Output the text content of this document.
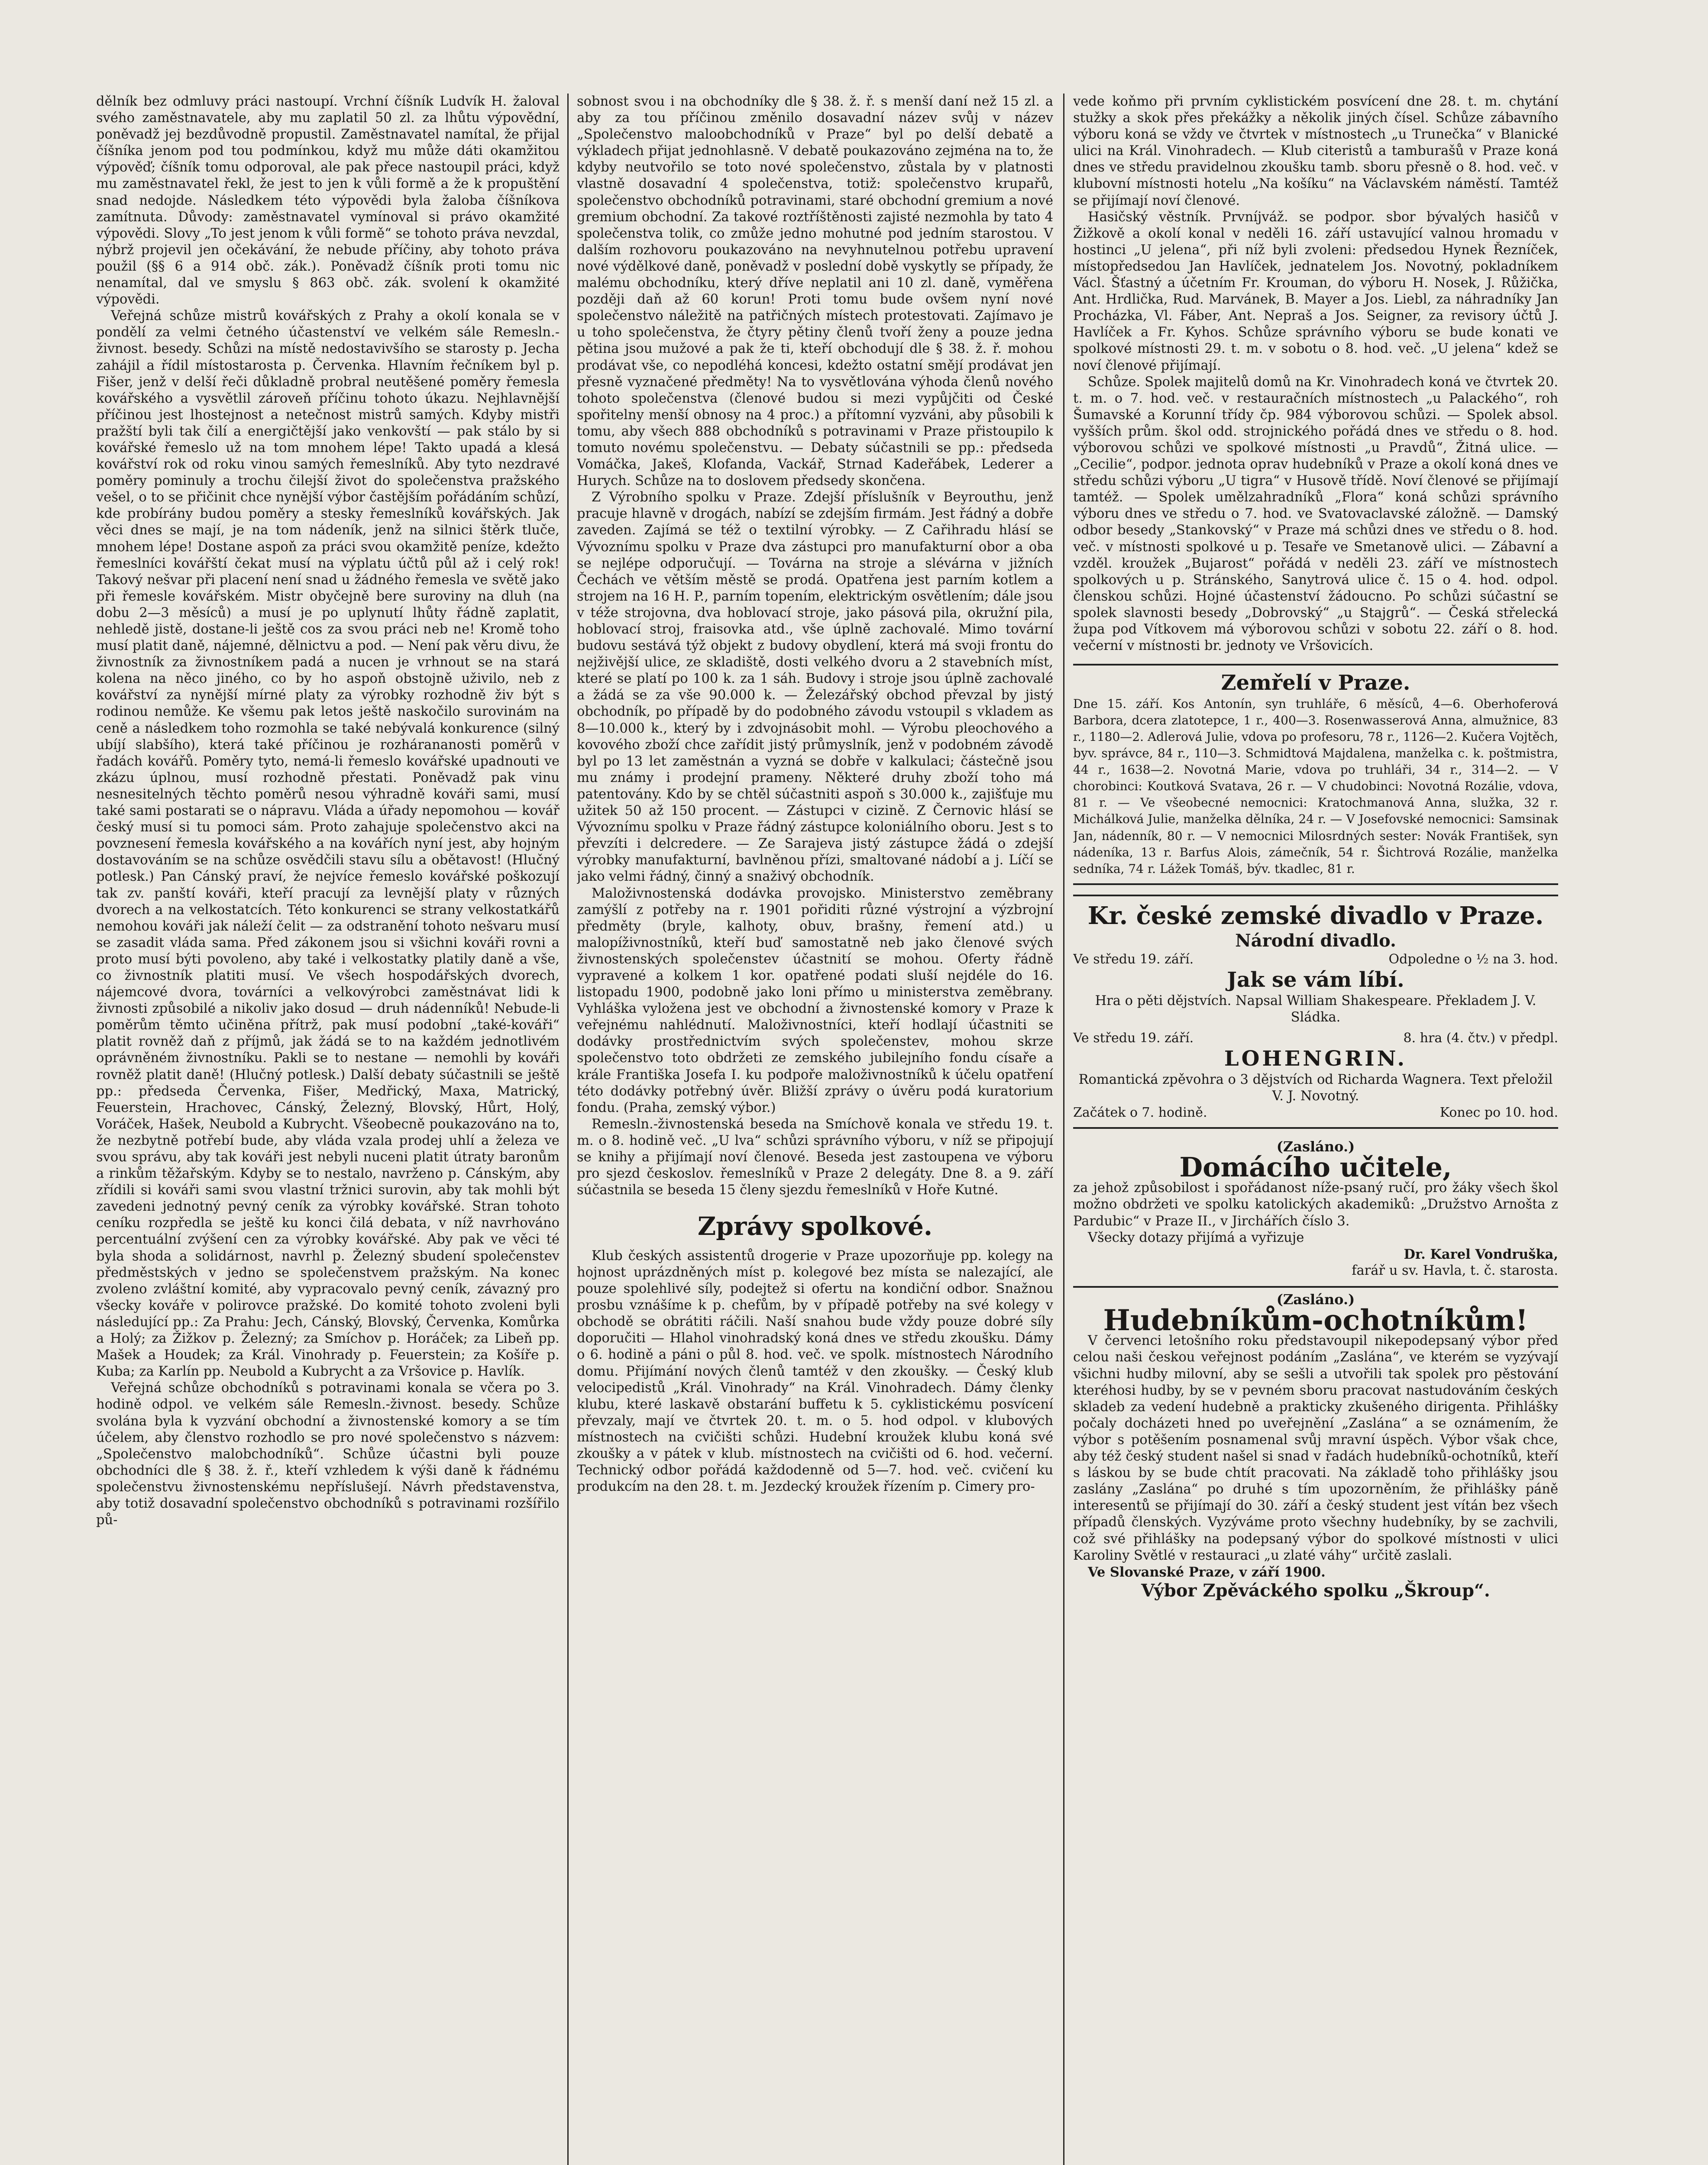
dělník bez odmluvy práci nastoupí. Vrchní číšník Ludvík H. žaloval svého zaměstnavatele, aby mu zaplatil 50 zl. za lhůtu výpovědní, poněvadž jej bezdůvodně propustil. Zaměstnavatel namítal, že přijal číšníka jenom pod tou podmínkou, když mu může dáti okamžitou výpověď; číšník tomu odporoval, ale pak přece nastoupil práci, když mu zaměstnavatel řekl, že jest to jen k vůli formě a že k propuštění snad nedojde. Následkem této výpovědi byla žaloba číšníkova zamítnuta. Důvody: zaměstnavatel vymínoval si právo okamžité výpovědi. Slovy „To jest jenom k vůli formě“ se tohoto práva nevzdal, nýbrž projevil jen očekávání, že nebude příčiny, aby tohoto práva použil (§§ 6 a 914 obč. zák.). Poněvadž číšník proti tomu nic nenamítal, dal ve smyslu § 863 obč. zák. svolení k okamžité výpovědi.

Veřejná schůze mistrů kovářských z Prahy a okolí konala se v pondělí za velmi četného účastenství ve velkém sále Remesln.-živnost. besedy. Schůzi na místě nedostavivšího se starosty p. Jecha zahájil a řídil místostarosta p. Červenka. Hlavním řečníkem byl p. Fišer, jenž v delší řeči důkladně probral neutěšené poměry řemesla kovářského a vysvětlil zároveň příčinu tohoto úkazu. Nejhlavnější příčinou jest lhostejnost a netečnost mistrů samých. Kdyby mistři pražští byli tak čilí a energičtější jako venkovští — pak stálo by si kovářské řemeslo už na tom mnohem lépe! Takto upadá a klesá kovářství rok od roku vinou samých řemeslníků. Aby tyto nezdravé poměry pominuly a trochu čilejší život do společenstva pražského vešel, o to se přičinit chce nynější výbor častějším pořádáním schůzí, kde probírány budou poměry a stesky řemeslníků kovářských. Jak věci dnes se mají, je na tom nádeník, jenž na silnici štěrk tluče, mnohem lépe! Dostane aspoň za práci svou okamžitě peníze, kdežto řemeslníci kovářští čekat musí na výplatu účtů půl až i celý rok! Takový nešvar při placení není snad u žádného řemesla ve světě jako při řemesle kovářském. Mistr obyčejně bere suroviny na dluh (na dobu 2—3 měsíců) a musí je po uplynutí lhůty řádně zaplatit, nehledě jistě, dostane-li ještě cos za svou práci neb ne! Kromě toho musí platit daně, nájemné, dělnictvu a pod. — Není pak věru divu, že živnostník za živnostníkem padá a nucen je vrhnout se na stará kolena na něco jiného, co by ho aspoň obstojně uživilo, neb z kovářství za nynější mírné platy za výrobky rozhodně živ být s rodinou nemůže. Ke všemu pak letos ještě naskočilo surovinám na ceně a následkem toho rozmohla se také nebývalá konkurence (silný ubíjí slabšího), která také příčinou je rozhárananosti poměrů v řadách kovářů. Poměry tyto, nemá-li řemeslo kovářské upadnouti ve zkázu úplnou, musí rozhodně přestati. Poněvadž pak vinu nesnesitelných těchto poměrů nesou výhradně kováři sami, musí také sami postarati se o nápravu. Vláda a úřady nepomohou — kovář český musí si tu pomoci sám. Proto zahajuje společenstvo akci na povznesení řemesla kovářského a na kovářích nyní jest, aby hojným dostavováním se na schůze osvědčili stavu sílu a obětavost! (Hlučný potlesk.) Pan Cánský praví, že nejvíce řemeslo kovářské poškozují tak zv. panští kováři, kteří pracují za levnější platy v různých dvorech a na velkostatcích. Této konkurenci se strany velkostatkářů nemohou kováři jak náleží čelit — za odstranění tohoto nešvaru musí se zasadit vláda sama. Před zákonem jsou si všichni kováři rovni a proto musí býti povoleno, aby také i velkostatky platily daně a vše, co živnostník platiti musí. Ve všech hospodářských dvorech, nájemcové dvora, továrníci a velkovýrobci zaměstnávat lidi k živnosti způsobilé a nikoliv jako dosud — druh nádenníků! Nebude-li poměrům těmto učiněna přítrž, pak musí podobní „také-kováři“ platit rovněž daň z příjmů, jak žádá se to na každém jednotlivém oprávněném živnostníku. Pakli se to nestane — nemohli by kováři rovněž platit daně! (Hlučný potlesk.) Další debaty súčastnili se ještě pp.: předseda Červenka, Fišer, Medřický, Maxa, Matrický, Feuerstein, Hrachovec, Cánský, Železný, Blovský, Hůrt, Holý, Voráček, Hašek, Neubold a Kubrycht. Všeobecně poukazováno na to, že nezbytně potřebí bude, aby vláda vzala prodej uhlí a železa ve svou správu, aby tak kováři jest nebyli nuceni platit útraty baronům a rinkům těžařským. Kdyby se to nestalo, navrženo p. Cánským, aby zřídili si kováři sami svou vlastní tržnici surovin, aby tak mohli být zavedeni jednotný pevný ceník za výrobky kovářské. Stran tohoto ceníku rozpředla se ještě ku konci čilá debata, v níž navrhováno percentuální zvýšení cen za výrobky kovářské. Aby pak ve věci té byla shoda a solidárnost, navrhl p. Železný sbudení společenstev předměstských v jedno se společenstvem pražským. Na konec zvoleno zvláštní komité, aby vypracovalo pevný ceník, závazný pro všecky kováře v polirovce pražské. Do komité tohoto zvoleni byli následující pp.: Za Prahu: Jech, Cánský, Blovský, Červenka, Komůrka a Holý; za Žižkov p. Železný; za Smíchov p. Horáček; za Libeň pp. Mašek a Houdek; za Král. Vinohrady p. Feuerstein; za Košíře p. Kuba; za Karlín pp. Neubold a Kubrycht a za Vršovice p. Havlík.

Veřejná schůze obchodníků s potravinami konala se včera po 3. hodině odpol. ve velkém sále Remesln.-živnost. besedy. Schůze svolána byla k vyzvání obchodní a živnostenské komory a se tím účelem, aby členstvo rozhodlo se pro nové společenstvo s názvem: „Společenstvo malobchodníků“. Schůze účastni byli pouze obchodníci dle § 38. ž. ř., kteří vzhledem k výši daně k řádnému společenstvu živnostenskému nepříslušejí. Návrh představenstva, aby totiž dosavadní společenstvo obchodníků s potravinami rozšířilo pů-

sobnost svou i na obchodníky dle § 38. ž. ř. s menší daní než 15 zl. a aby za tou příčinou změnilo dosavadní název svůj v název „Společenstvo maloobchodníků v Praze“ byl po delší debatě a výkladech přijat jednohlasně. V debatě poukazováno zejména na to, že kdyby neutvořilo se toto nové společenstvo, zůstala by v platnosti vlastně dosavadní 4 společenstva, totiž: společenstvo krupařů, společenstvo obchodníků potravinami, staré obchodní gremium a nové gremium obchodní. Za takové roztříštěnosti zajisté nezmohla by tato 4 společenstva tolik, co zmůže jedno mohutné pod jedním starostou. V dalším rozhovoru poukazováno na nevyhnutelnou potřebu upravení nové výdělkové daně, poněvadž v poslední době vyskytly se případy, že malému obchodníku, který dříve neplatil ani 10 zl. daně, vyměřena později daň až 60 korun! Proti tomu bude ovšem nyní nové společenstvo náležitě na patřičných místech protestovati. Zajímavo je u toho společenstva, že čtyry pětiny členů tvoří ženy a pouze jedna pětina jsou mužové a pak že ti, kteří obchodují dle § 38. ž. ř. mohou prodávat vše, co nepodléhá koncesi, kdežto ostatní smějí prodávat jen přesně vyznačené předměty! Na to vysvětlována výhoda členů nového tohoto společenstva (členové budou si mezi vypůjčiti od České spořitelny menší obnosy na 4 proc.) a přítomní vyzváni, aby působili k tomu, aby všech 888 obchodníků s potravinami v Praze přistoupilo k tomuto novému společenstvu. — Debaty súčastnili se pp.: předseda Vomáčka, Jakeš, Klofanda, Vackář, Strnad Kadeřábek, Lederer a Hurych. Schůze na to doslovem předsedy skončena.

Z Výrobního spolku v Praze. Zdejší příslušník v Beyrouthu, jenž pracuje hlavně v drogách, nabízí se zdejším firmám. Jest řádný a dobře zaveden. Zajímá se též o textilní výrobky. — Z Cařihradu hlásí se Vývoznímu spolku v Praze dva zástupci pro manufakturní obor a oba se nejlépe odporučují. — Továrna na stroje a slévárna v jižních Čechách ve větším městě se prodá. Opatřena jest parním kotlem a strojem na 16 H. P., parním topením, elektrickým osvětlením; dále jsou v téže strojovna, dva hoblovací stroje, jako pásová pila, okružní pila, hoblovací stroj, fraisovka atd., vše úplně zachovalé. Mimo tovární budovu sestává týž objekt z budovy obydlení, která má svoji frontu do nejživější ulice, ze skladiště, dosti velkého dvoru a 2 stavebních míst, které se platí po 100 k. za 1 sáh. Budovy i stroje jsou úplně zachovalé a žádá se za vše 90.000 k. — Železářský obchod převzal by jistý obchodník, po případě by do podobného závodu vstoupil s vkladem as 8—10.000 k., který by i zdvojnásobit mohl. — Výrobu pleochového a kovového zboží chce zařídit jistý průmyslník, jenž v podobném závodě byl po 13 let zaměstnán a vyzná se dobře v kalkulaci; částečně jsou mu známy i prodejní prameny. Některé druhy zboží toho má patentovány. Kdo by se chtěl súčastniti aspoň s 30.000 k., zajišťuje mu užitek 50 až 150 procent. — Zástupci v cizině. Z Černovic hlásí se Vývoznímu spolku v Praze řádný zástupce koloniálního oboru. Jest s to převzíti i delcredere. — Ze Sarajeva jistý zástupce žádá o zdejší výrobky manufakturní, bavlněnou přízi, smaltované nádobí a j. Líčí se jako velmi řádný, činný a snaživý obchodník.

Maloživnostenská dodávka provojsko. Ministerstvo zeměbrany zamýšlí z potřeby na r. 1901 pořiditi různé výstrojní a výzbrojní předměty (bryle, kalhoty, obuv, brašny, řemení atd.) u malopíživnostníků, kteří buď samostatně neb jako členové svých živnostenských společenstev účastnití se mohou. Oferty řádně vypravené a kolkem 1 kor. opatřené podati sluší nejdéle do 16. listopadu 1900, podobně jako loni přímo u ministerstva zeměbrany. Vyhláška vyložena jest ve obchodní a živnostenské komory v Praze k veřejnému nahlédnutí. Maloživnostníci, kteří hodlají účastniti se dodávky prostřednictvím svých společenstev, mohou skrze společenstvo toto obdržeti ze zemského jubilejního fondu císaře a krále Františka Josefa I. ku podpoře maloživnostníků k účelu opatření této dodávky potřebný úvěr. Bližší zprávy o úvěru podá kuratorium fondu. (Praha, zemský výbor.)

Remesln.-živnostenská beseda na Smíchově konala ve středu 19. t. m. o 8. hodině več. „U lva“ schůzi správního výboru, v níž se připojují se knihy a přijímají noví členové. Beseda jest zastoupena ve výboru pro sjezd českoslov. řemeslníků v Praze 2 delegáty. Dne 8. a 9. září súčastnila se beseda 15 členy sjezdu řemeslníků v Hoře Kutné.

Zprávy spolkové.

Klub českých assistentů drogerie v Praze upozorňuje pp. kolegy na hojnost uprázdněných míst p. kolegové bez místa se nalezající, ale pouze spolehlivé síly, podejtež si ofertu na kondiční odbor. Snažnou prosbu vznášíme k p. chefům, by v případě potřeby na své kolegy v obchodě se obrátiti ráčili. Naší snahou bude vždy pouze dobré síly doporučiti — Hlahol vinohradský koná dnes ve středu zkoušku. Dámy o 6. hodině a páni o půl 8. hod. več. ve spolk. místnostech Národního domu. Přijímání nových členů tamtéž v den zkoušky. — Český klub velocipedistů „Král. Vinohrady“ na Král. Vinohradech. Dámy členky klubu, které laskavě obstarání buffetu k 5. cyklistickému posvícení převzaly, mají ve čtvrtek 20. t. m. o 5. hod odpol. v klubových místnostech na cvičišti schůzi. Hudební kroužek klubu koná své zkoušky a v pátek v klub. místnostech na cvičišti od 6. hod. večerní. Technický odbor pořádá každodenně od 5—7. hod. več. cvičení ku produkcím na den 28. t. m. Jezdecký kroužek řízením p. Cimery pro-

vede koňmo při prvním cyklistickém posvícení dne 28. t. m. chytání stužky a skok přes překážky a několik jiných čísel. Schůze zábavního výboru koná se vždy ve čtvrtek v místnostech „u Trunečka“ v Blanické ulici na Král. Vinohradech. — Klub citeristů a tamburašů v Praze koná dnes ve středu pravidelnou zkoušku tamb. sboru přesně o 8. hod. več. v klubovní místnosti hotelu „Na košíku“ na Václavském náměstí. Tamtéž se přijímají noví členové.

Hasičský věstník. Prvníjváž. se podpor. sbor bývalých hasičů v Žižkově a okolí konal v neděli 16. září ustavující valnou hromadu v hostinci „U jelena“, při níž byli zvoleni: předsedou Hynek Řezníček, místopředsedou Jan Havlíček, jednatelem Jos. Novotný, pokladníkem Václ. Šťastný a účetním Fr. Krouman, do výboru H. Nosek, J. Růžička, Ant. Hrdlička, Rud. Marvánek, B. Mayer a Jos. Liebl, za náhradníky Jan Procházka, Vl. Fáber, Ant. Nepraš a Jos. Seigner, za revisory účtů J. Havlíček a Fr. Kyhos. Schůze správního výboru se bude konati ve spolkové místnosti 29. t. m. v sobotu o 8. hod. več. „U jelena“ kdež se noví členové přijímají.

Schůze. Spolek majitelů domů na Kr. Vinohradech koná ve čtvrtek 20. t. m. o 7. hod. več. v restauračních místnostech „u Palackého“, roh Šumavské a Korunní třídy čp. 984 výborovou schůzi. — Spolek absol. vyšších prům. škol odd. strojnického pořádá dnes ve středu o 8. hod. výborovou schůzi ve spolkové místnosti „u Pravdů“, Žitná ulice. — „Cecilie“, podpor. jednota oprav hudebníků v Praze a okolí koná dnes ve středu schůzi výboru „U tigra“ v Husově třídě. Noví členové se přijímají tamtéž. — Spolek umělzahradníků „Flora“ koná schůzi správního výboru dnes ve středu o 7. hod. ve Svatovaclavské záložně. — Damský odbor besedy „Stankovský“ v Praze má schůzi dnes ve středu o 8. hod. več. v místnosti spolkové u p. Tesaře ve Smetanově ulici. — Zábavní a vzděl. kroužek „Bujarost“ pořádá v neděli 23. září ve místnostech spolkových u p. Stránského, Sanytrová ulice č. 15 o 4. hod. odpol. členskou schůzi. Hojné účastenství žádoucno. Po schůzi súčastní se spolek slavnosti besedy „Dobrovský“ „u Stajgrů“. — Česká střelecká župa pod Vítkovem má výborovou schůzi v sobotu 22. září o 8. hod. večerní v místnosti br. jednoty ve Vršovicích.

Zemřelí v Praze.

Dne 15. září. Kos Antonín, syn truhláře, 6 měsíců, 4—6. Oberhoferová Barbora, dcera zlatotepce, 1 r., 400—3. Rosenwasserová Anna, almužnice, 83 r., 1180—2. Adlerová Julie, vdova po profesoru, 78 r., 1126—2. Kučera Vojtěch, byv. správce, 84 r., 110—3. Schmidtová Majdalena, manželka c. k. poštmistra, 44 r., 1638—2. Novotná Marie, vdova po truhláři, 34 r., 314—2. — V chorobinci: Koutková Svatava, 26 r. — V chudobinci: Novotná Rozálie, vdova, 81 r. — Ve všeobecné nemocnici: Kratochmanová Anna, služka, 32 r. Michálková Julie, manželka dělníka, 24 r. — V Josefovské nemocnici: Samsinak Jan, nádenník, 80 r. — V nemocnici Milosrdných sester: Novák František, syn nádeníka, 13 r. Barfus Alois, zámečník, 54 r. Šichtrová Rozálie, manželka sedníka, 74 r. Lážek Tomáš, býv. tkadlec, 81 r.

Kr. české zemské divadlo v Praze.
Národní divadlo.
Ve středu 19. září.	Odpoledne o ½ na 3. hod.
Jak se vám líbí.

Hra o pěti dějstvích. Napsal William Shakespeare. Překladem J. V. Sládka.

Ve středu 19. září.	8. hra (4. čtv.) v předpl.
LOHENGRIN.

Romantická zpěvohra o 3 dějstvích od Richarda Wagnera. Text přeložil V. J. Novotný.

Začátek o 7. hodině.	Konec po 10. hod.
(Zasláno.)
Domácího učitele,

za jehož způsobilost i spořádanost níže-psaný ručí, pro žáky všech škol možno obdržeti ve spolku katolických akademiků: „Družstvo Arnošta z Pardubic“ v Praze II., v Jirchářích číslo 3.

Všecky dotazy přijímá a vyřizuje

Dr. Karel Vondruška,

farář u sv. Havla, t. č. starosta.

(Zasláno.)
Hudebníkům-ochotníkům!

V červenci letošního roku představoupil nikepodepsaný výbor před celou naši českou veřejnost podáním „Zaslána“, ve kterém se vyzývají všichni hudby milovní, aby se sešli a utvořili tak spolek pro pěstování kteréhosi hudby, by se v pevném sboru pracovat nastudováním českých skladeb za vedení hudebně a prakticky zkušeného dirigenta. Přihlášky počaly docházeti hned po uveřejnění „Zaslána“ a se oznámením, že výbor s potěšením posnamenal svůj mravní úspěch. Výbor však chce, aby též český student našel si snad v řadách hudebníků-ochotníků, kteří s láskou by se bude chtít pracovati. Na základě toho přihlášky jsou zaslány „Zaslána“ po druhé s tím upozorněním, že přihlášky páně interesentů se přijímají do 30. září a český student jest vítán bez všech případů členských. Vyzýváme proto všechny hudebníky, by se zachvili, což své přihlášky na podepsaný výbor do spolkové místnosti v ulici Karoliny Světlé v restauraci „u zlaté váhy“ určitě zaslali.

Ve Slovanské Praze, v září 1900.

Výbor Zpěváckého spolku „Škroup“.
